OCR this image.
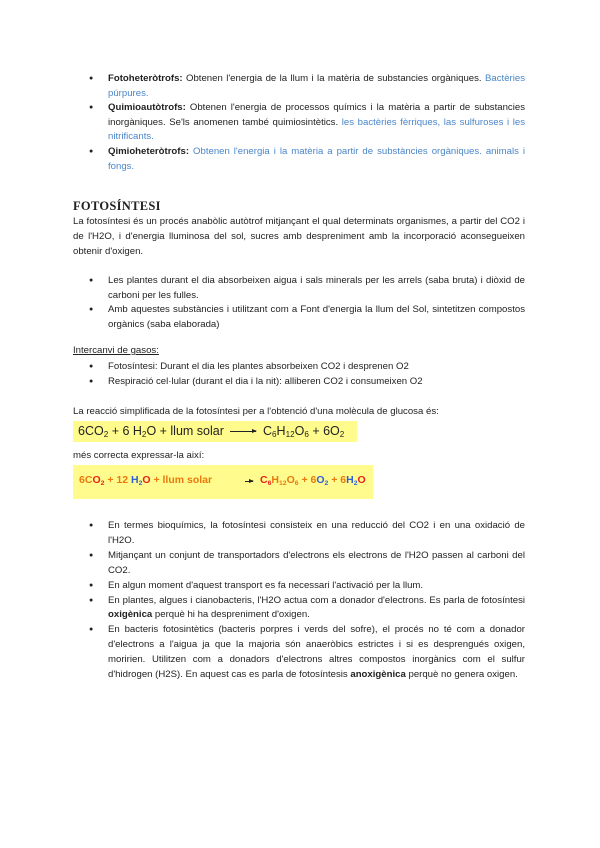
● Fotoheteròtrofs: Obtenen l'energia de la llum i la matèria de substancies orgàniques. Bactèries púrpures.
● Quimioautòtrofs: Obtenen l'energia de processos químics i la matèria a partir de substancies inorgàniques. Se'ls anomenen també quimiosintètics. les bactèries fèrriques, las sulfuroses i les nitrificants.
● Qimioheteròtrofs: Obtenen l'energia i la matèria a partir de substàncies orgàniques. animals i fongs.
FOTOSÍNTESI

La fotosíntesi és un procés anabòlic autòtrof mitjançant el qual determinats organismes, a partir del CO2 i de l'H2O, i d'energia lluminosa del sol, sucres amb despreniment amb la incorporació aconsegueixen obtenir d'oxigen.

● Les plantes durant el dia absorbeixen aigua i sals minerals per les arrels (saba bruta) i diòxid de carboni per les fulles.
● Amb aquestes substàncies i utilitzant com a Font d'energia la llum del Sol, sintetitzen compostos orgànics (saba elaborada)

Intercanvi de gasos:

● Fotosíntesi: Durant el dia les plantes absorbeixen CO2 i desprenen O2
● Respiració cel·lular (durant el dia i la nit): alliberen CO2 i consumeixen O2

La reacció simplificada de la fotosíntesi per a l'obtenció d'una molècula de glucosa és:

$6CO_2 + 6$ $H_2O$ + llum solar → $C_6H_{12}O_6 + 6O_2$

més correcta expressar-la així:

$6CO_2 + 12$ $H_2O$ + llum solar	$C_6H_{12}O_6 + 6O_2 + 6H_2O$
● En termes bioquímics, la fotosíntesi consisteix en una reducció del CO2 i en una oxidació de l'H2O.
● Mitjançant un conjunt de transportadors d'electrons els electrons de l'H2O passen al carboni del CO2.
● En algun moment d'aquest transport es fa necessari l'activació per la llum.
● En plantes, algues i cianobacteris, l'H2O actua com a donador d'electrons. Es parla de fotosíntesi oxigènica perquè hi ha despreniment d'oxigen.
● En bacteris fotosintètics (bacteris porpres i verds del sofre), el procés no té com a donador d'electrons a l'aigua ja que la majoria són anaeròbics estrictes i si es desprengués oxigen, moririen. Utilitzen com a donadors d'electrons altres compostos inorgànics com el sulfur d'hidrogen (H2S). En aquest cas es parla de fotosíntesis anoxigènica perquè no genera oxigen.
